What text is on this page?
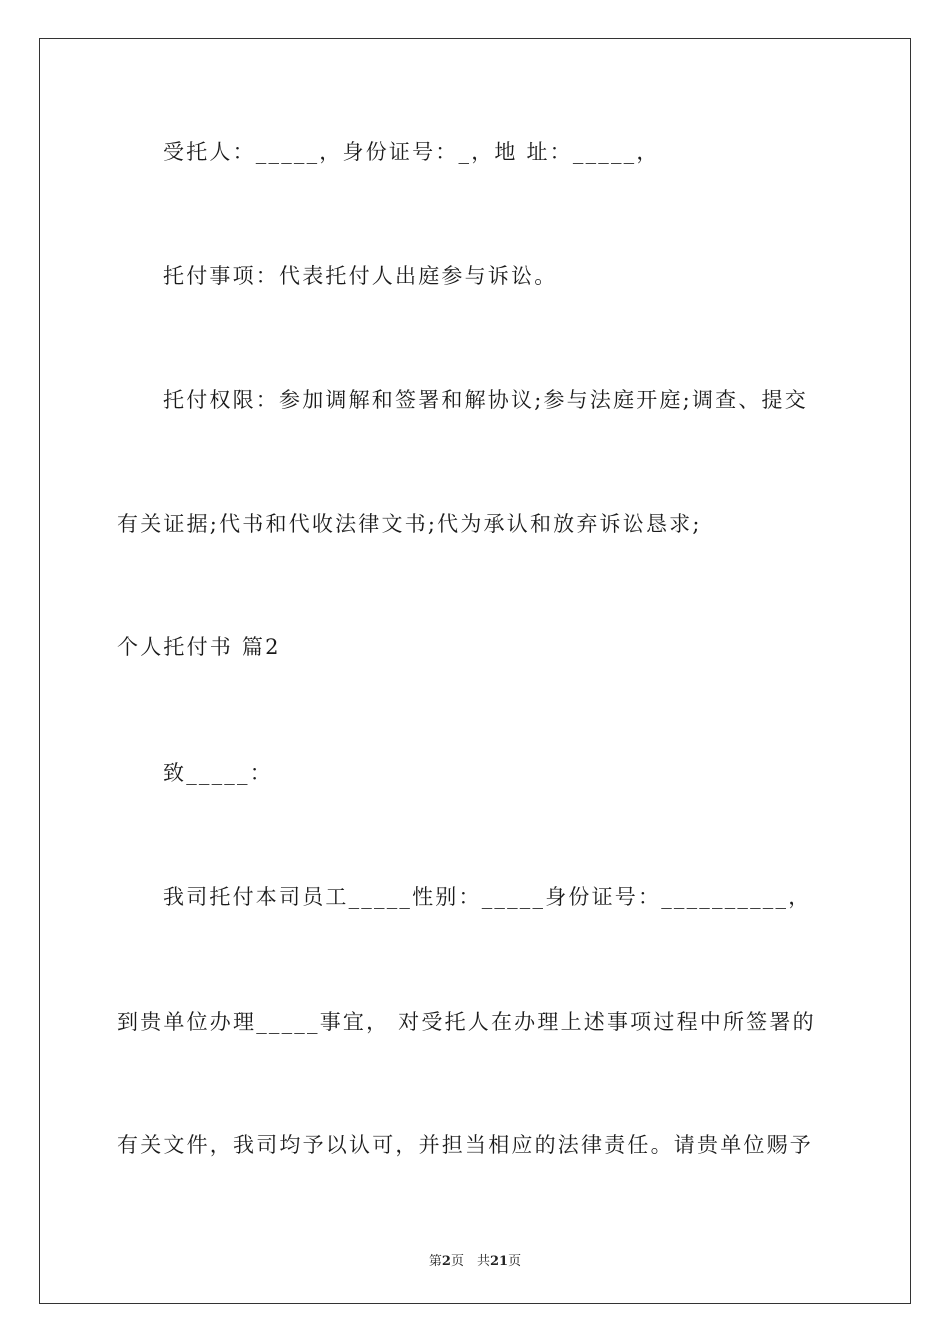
受托人：_____，身份证号：_，地 址：_____，
托付事项：代表托付人出庭参与诉讼。
托付权限：参加调解和签署和解协议;参与法庭开庭;调查、提交
有关证据;代书和代收法律文书;代为承认和放弃诉讼恳求;
个人托付书 篇2
致_____：
我司托付本司员工_____性别：_____身份证号：__________，
到贵单位办理_____事宜， 对受托人在办理上述事项过程中所签署的
有关文件，我司均予以认可，并担当相应的法律责任。请贵单位赐予
第2页　共21页
